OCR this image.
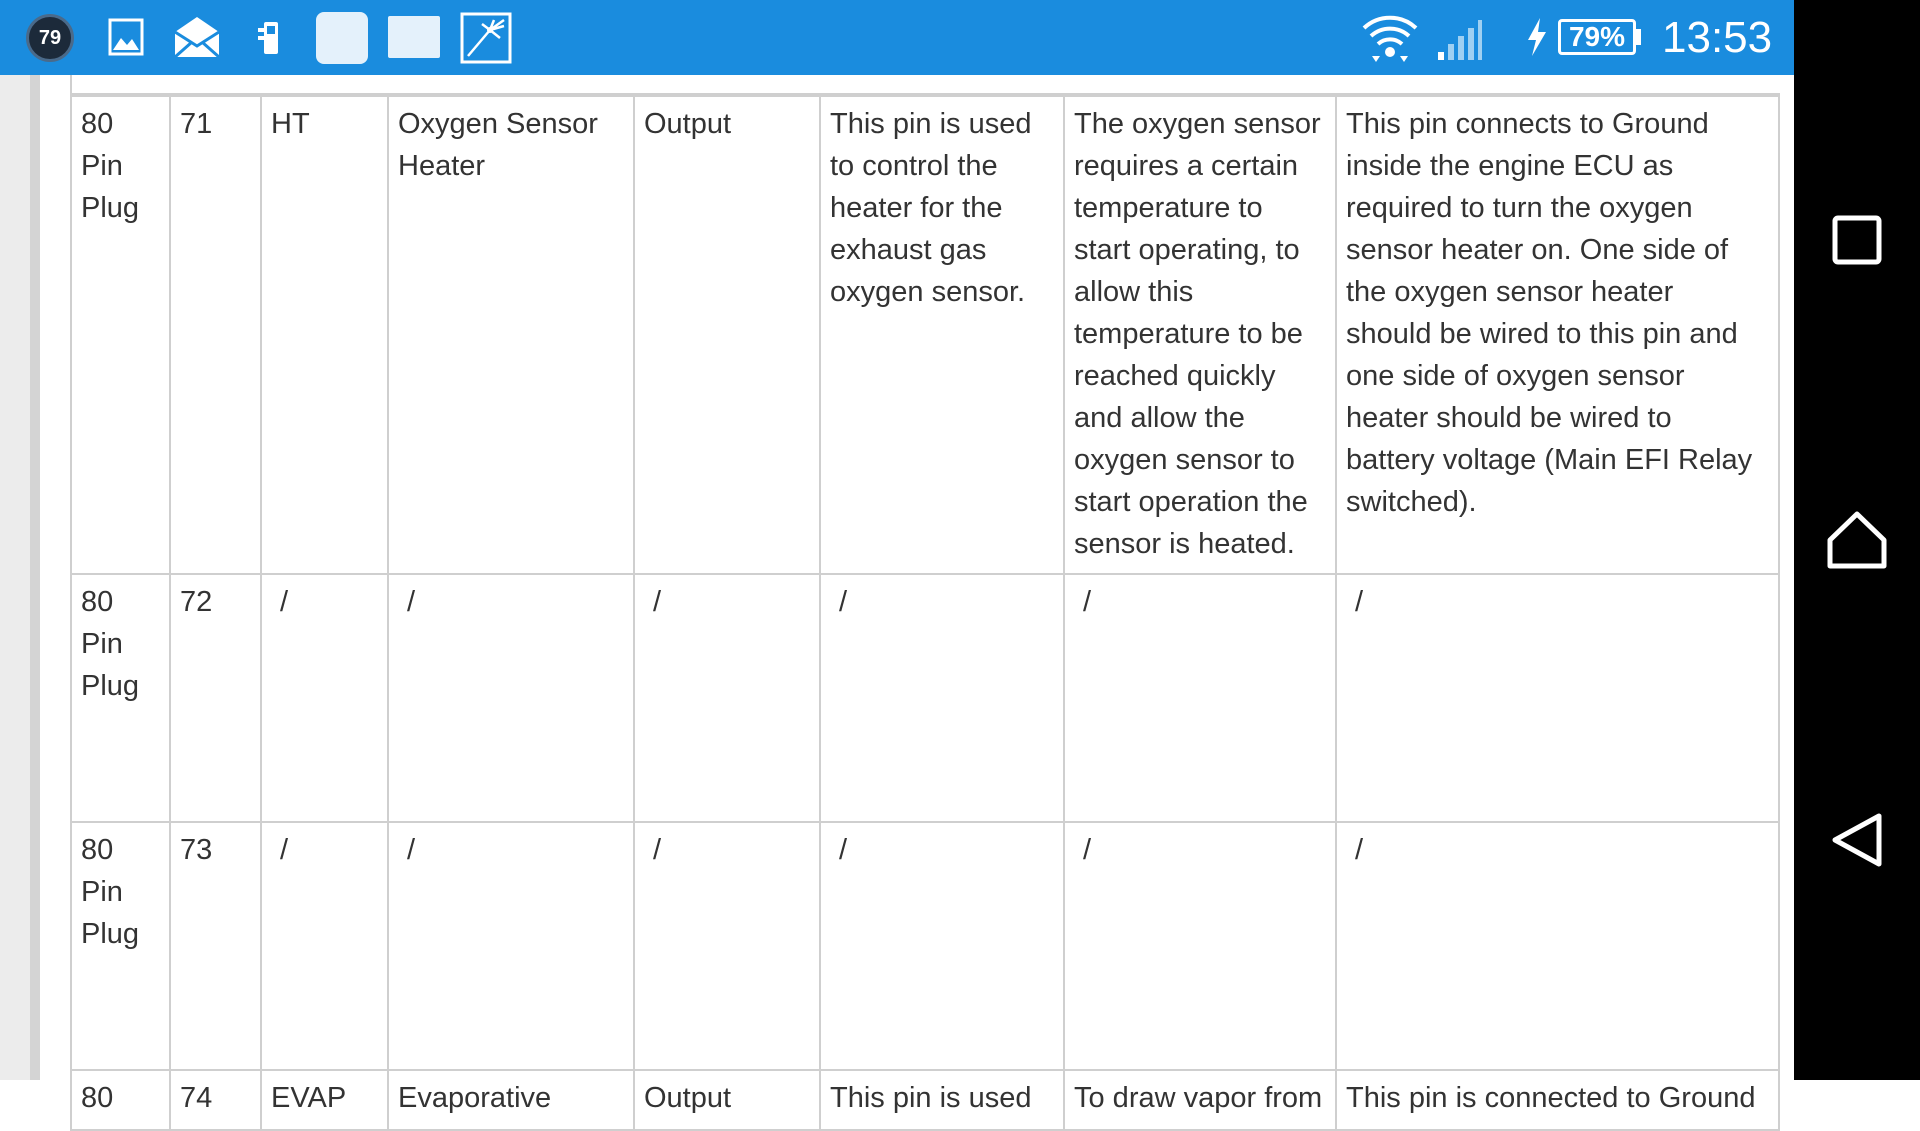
79	79% 13:53
80 Pin Plug	71	HT	Oxygen Sensor Heater	Output	This pin is used to control the heater for the exhaust gas oxygen sensor.	The oxygen sensor requires a certain temperature to start operating, to allow this temperature to be reached quickly and allow the oxygen sensor to start operation the sensor is heated.	This pin connects to Ground inside the engine ECU as required to turn the oxygen sensor heater on. One side of the oxygen sensor heater should be wired to this pin and one side of oxygen sensor heater should be wired to battery voltage (Main EFI Relay switched).
80 Pin Plug	72	/	/	/	/	/	/
80 Pin Plug	73	/	/	/	/	/	/
80	74	EVAP	Evaporative	Output	This pin is used	To draw vapor from	This pin is connected to Ground
